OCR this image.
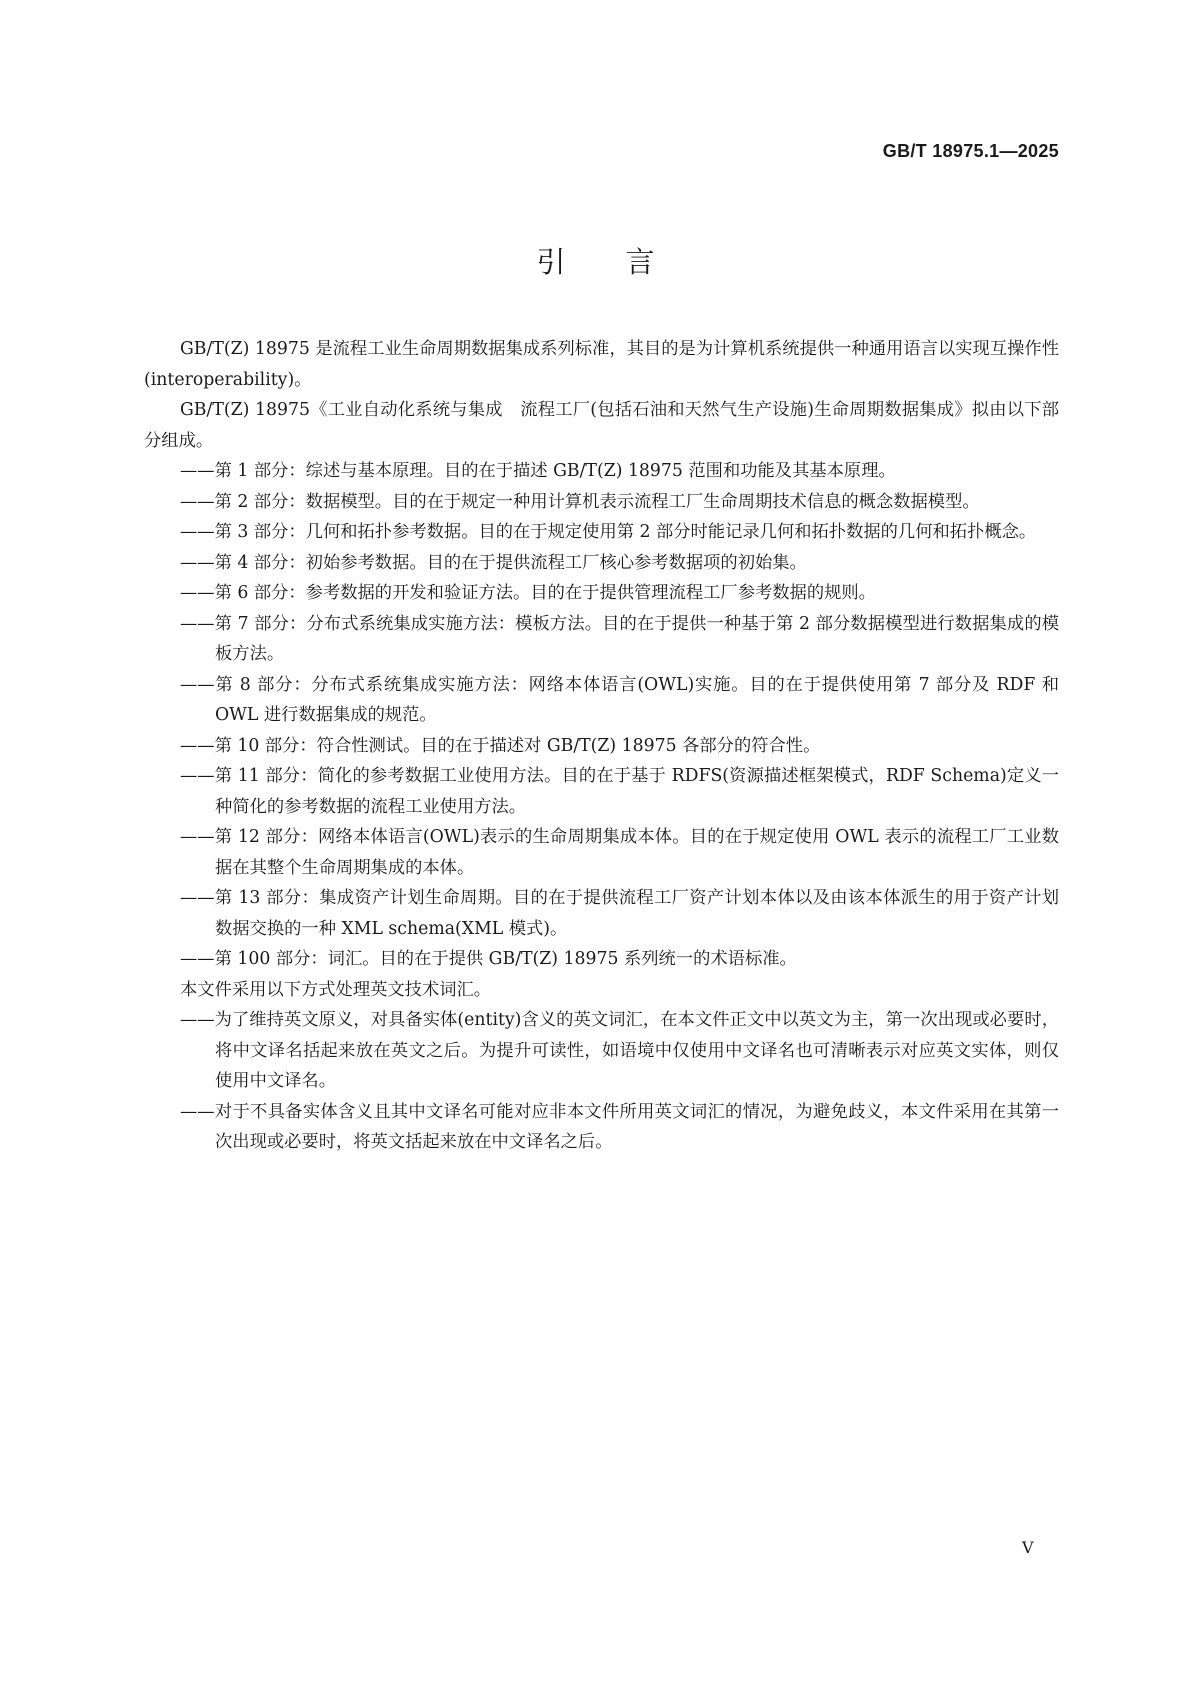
GB/T 18975.1—2025
引言

GB/T(Z) 18975 是流程工业生命周期数据集成系列标准，其目的是为计算机系统提供一种通用语言以实现互操作性(interoperability)。

GB/T(Z) 18975《工业自动化系统与集成　流程工厂(包括石油和天然气生产设施)生命周期数据集成》拟由以下部分组成。

——第 1 部分：综述与基本原理。目的在于描述 GB/T(Z) 18975 范围和功能及其基本原理。

——第 2 部分：数据模型。目的在于规定一种用计算机表示流程工厂生命周期技术信息的概念数据模型。

——第 3 部分：几何和拓扑参考数据。目的在于规定使用第 2 部分时能记录几何和拓扑数据的几何和拓扑概念。

——第 4 部分：初始参考数据。目的在于提供流程工厂核心参考数据项的初始集。

——第 6 部分：参考数据的开发和验证方法。目的在于提供管理流程工厂参考数据的规则。

——第 7 部分：分布式系统集成实施方法：模板方法。目的在于提供一种基于第 2 部分数据模型进行数据集成的模板方法。

——第 8 部分：分布式系统集成实施方法：网络本体语言(OWL)实施。目的在于提供使用第 7 部分及 RDF 和 OWL 进行数据集成的规范。

——第 10 部分：符合性测试。目的在于描述对 GB/T(Z) 18975 各部分的符合性。

——第 11 部分：简化的参考数据工业使用方法。目的在于基于 RDFS(资源描述框架模式，RDF Schema)定义一种简化的参考数据的流程工业使用方法。

——第 12 部分：网络本体语言(OWL)表示的生命周期集成本体。目的在于规定使用 OWL 表示的流程工厂工业数据在其整个生命周期集成的本体。

——第 13 部分：集成资产计划生命周期。目的在于提供流程工厂资产计划本体以及由该本体派生的用于资产计划数据交换的一种 XML schema(XML 模式)。

——第 100 部分：词汇。目的在于提供 GB/T(Z) 18975 系列统一的术语标准。

本文件采用以下方式处理英文技术词汇。

——为了维持英文原义，对具备实体(entity)含义的英文词汇，在本文件正文中以英文为主，第一次出现或必要时，将中文译名括起来放在英文之后。为提升可读性，如语境中仅使用中文译名也可清晰表示对应英文实体，则仅使用中文译名。

——对于不具备实体含义且其中文译名可能对应非本文件所用英文词汇的情况，为避免歧义，本文件采用在其第一次出现或必要时，将英文括起来放在中文译名之后。

V
